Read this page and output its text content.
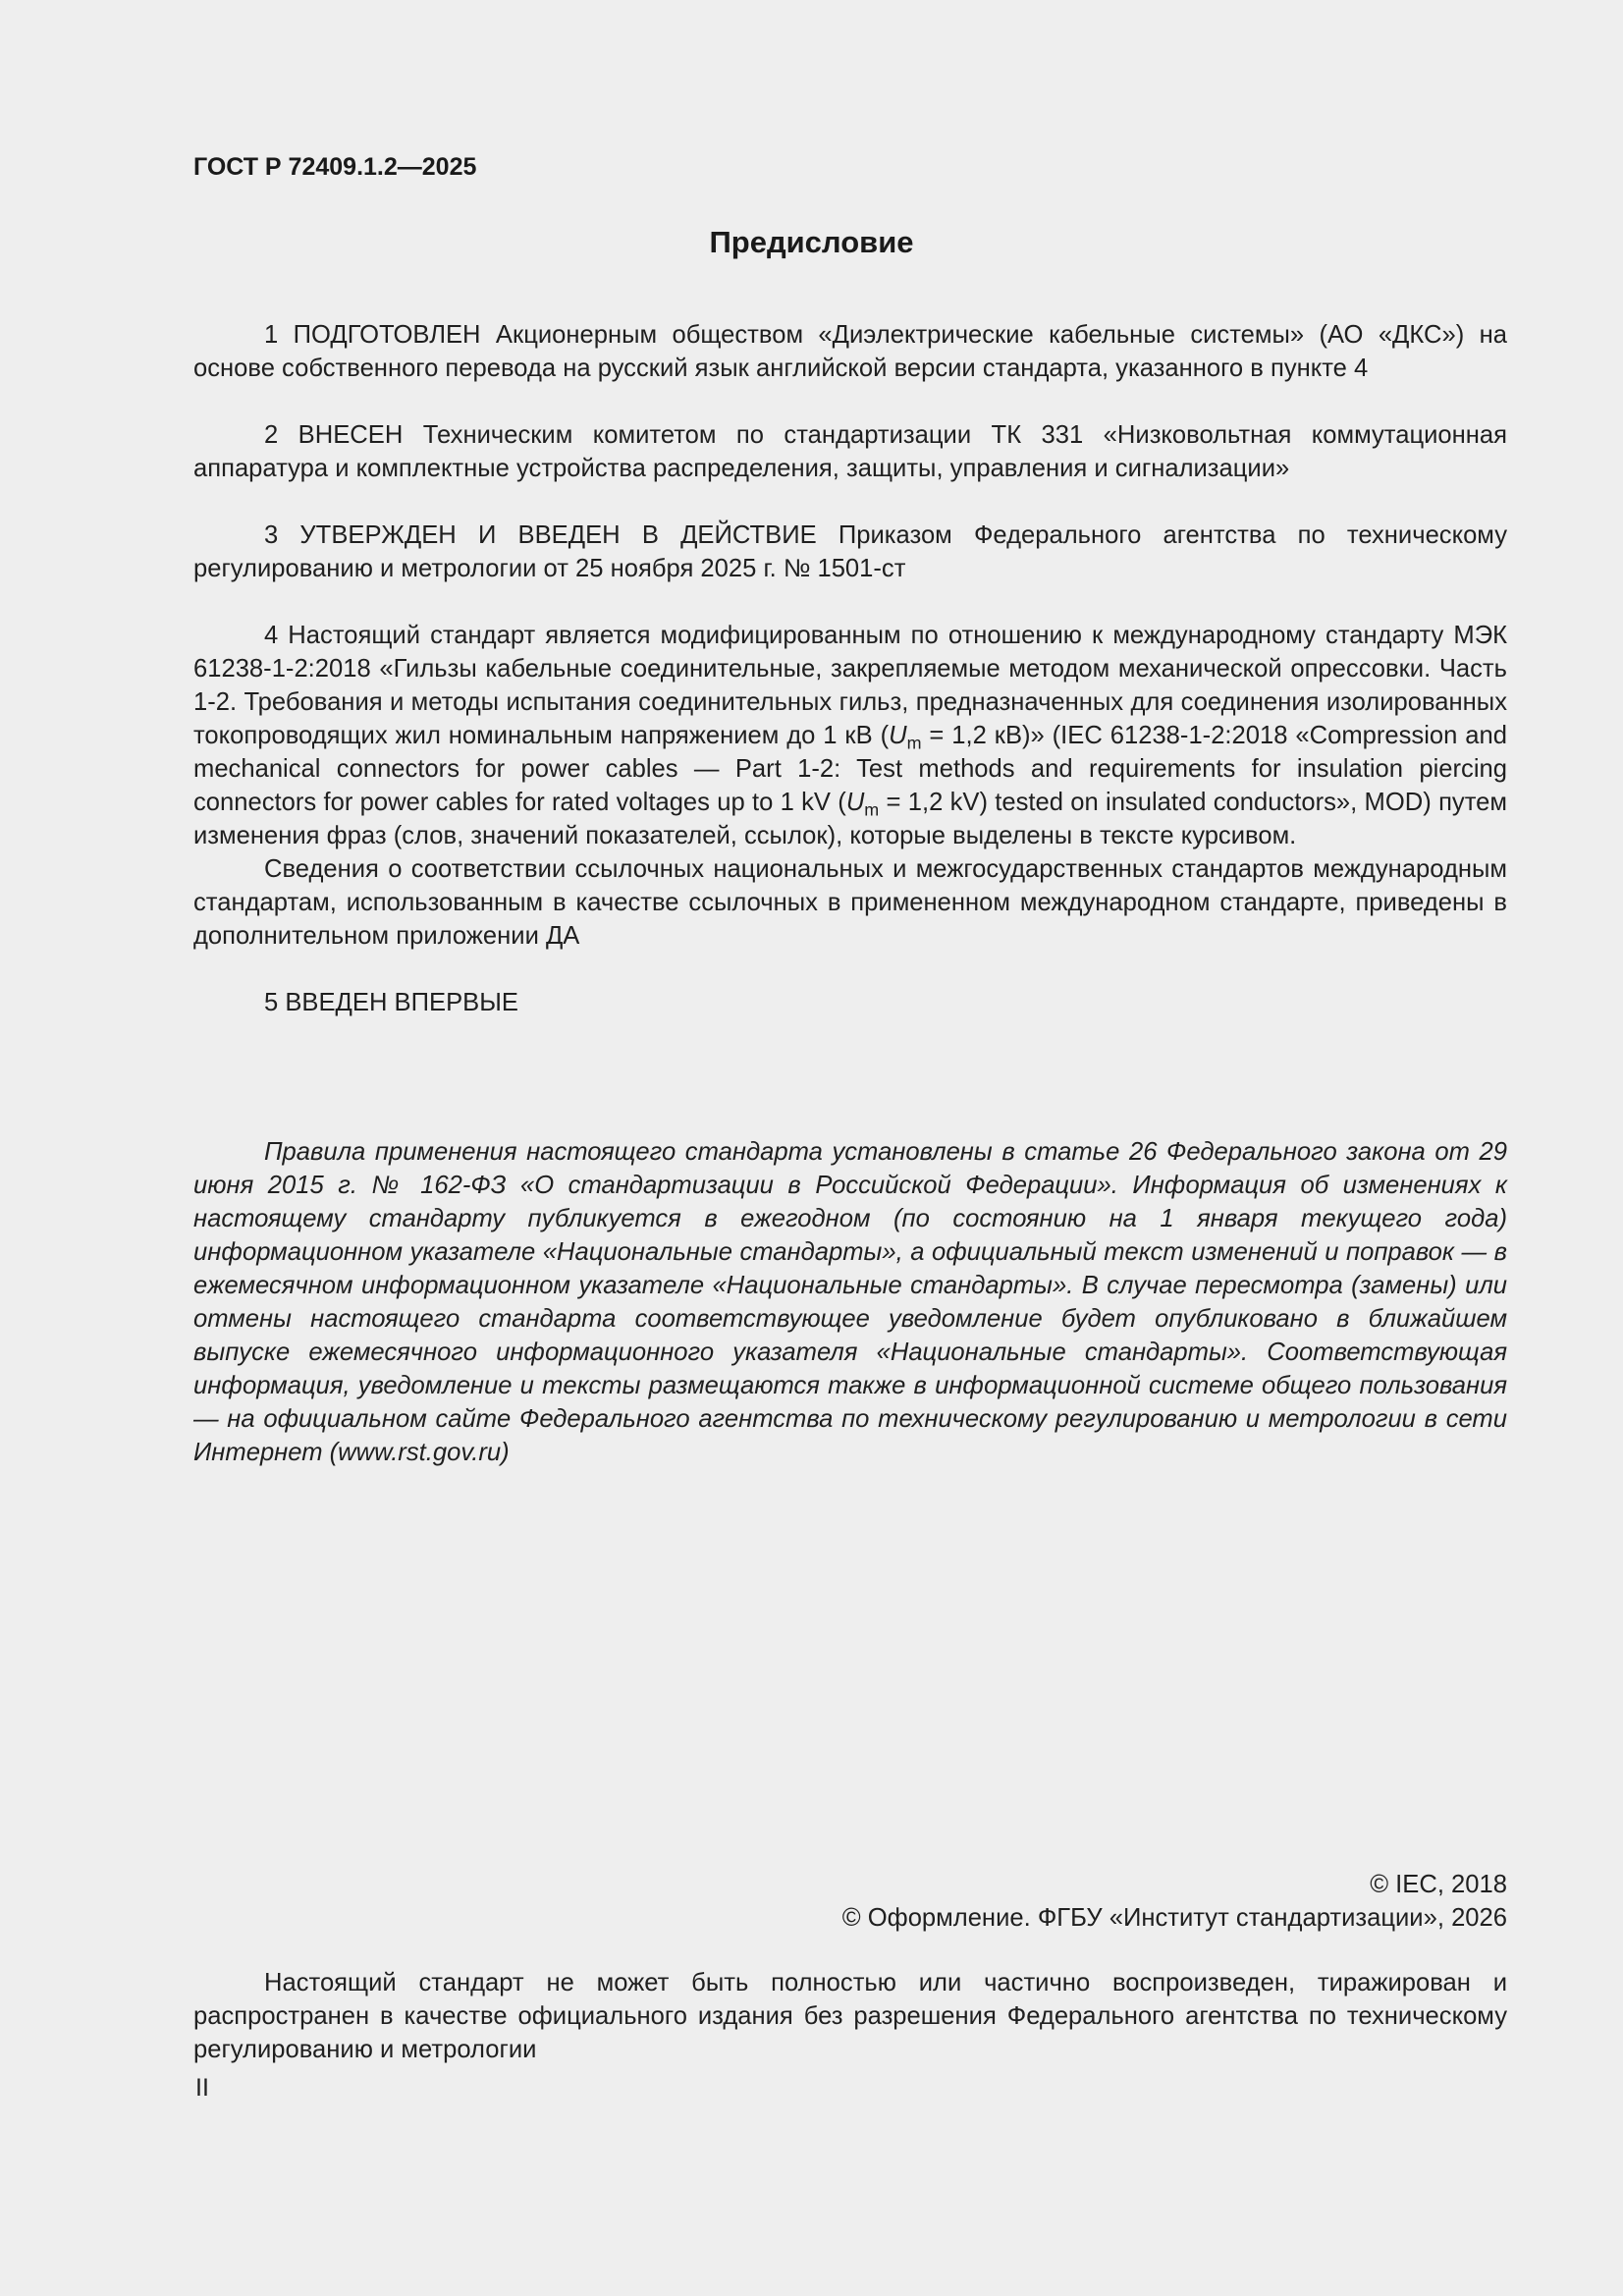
ГОСТ Р 72409.1.2—2025

Предисловие

1 ПОДГОТОВЛЕН Акционерным обществом «Диэлектрические кабельные системы» (АО «ДКС») на основе собственного перевода на русский язык английской версии стандарта, указанного в пункте 4

2 ВНЕСЕН Техническим комитетом по стандартизации ТК 331 «Низковольтная коммутационная аппаратура и комплектные устройства распределения, защиты, управления и сигнализации»

3 УТВЕРЖДЕН И ВВЕДЕН В ДЕЙСТВИЕ Приказом Федерального агентства по техническому регулированию и метрологии от 25 ноября 2025 г. № 1501-ст

4 Настоящий стандарт является модифицированным по отношению к международному стандарту МЭК 61238-1-2:2018 «Гильзы кабельные соединительные, закрепляемые методом механической опрессовки. Часть 1-2. Требования и методы испытания соединительных гильз, предназначенных для соединения изолированных токопроводящих жил номинальным напряжением до 1 кВ ($U_m = 1,2$ кВ)» (IEC 61238-1-2:2018 «Compression and mechanical connectors for power cables — Part 1-2: Test methods and requirements for insulation piercing connectors for power cables for rated voltages up to 1 kV ($U_m = 1,2$ kV) tested on insulated conductors», MOD) путем изменения фраз (слов, значений показателей, ссылок), которые выделены в тексте курсивом.

Сведения о соответствии ссылочных национальных и межгосударственных стандартов международным стандартам, использованным в качестве ссылочных в примененном международном стандарте, приведены в дополнительном приложении ДА

5 ВВЕДЕН ВПЕРВЫЕ

Правила применения настоящего стандарта установлены в статье 26 Федерального закона от 29 июня 2015 г. № 162-ФЗ «О стандартизации в Российской Федерации». Информация об изменениях к настоящему стандарту публикуется в ежегодном (по состоянию на 1 января текущего года) информационном указателе «Национальные стандарты», а официальный текст изменений и поправок — в ежемесячном информационном указателе «Национальные стандарты». В случае пересмотра (замены) или отмены настоящего стандарта соответствующее уведомление будет опубликовано в ближайшем выпуске ежемесячного информационного указателя «Национальные стандарты». Соответствующая информация, уведомление и тексты размещаются также в информационной системе общего пользования — на официальном сайте Федерального агентства по техническому регулированию и метрологии в сети Интернет (www.rst.gov.ru)

© IEC, 2018
© Оформление. ФГБУ «Институт стандартизации», 2026

Настоящий стандарт не может быть полностью или частично воспроизведен, тиражирован и распространен в качестве официального издания без разрешения Федерального агентства по техническому регулированию и метрологии

II
